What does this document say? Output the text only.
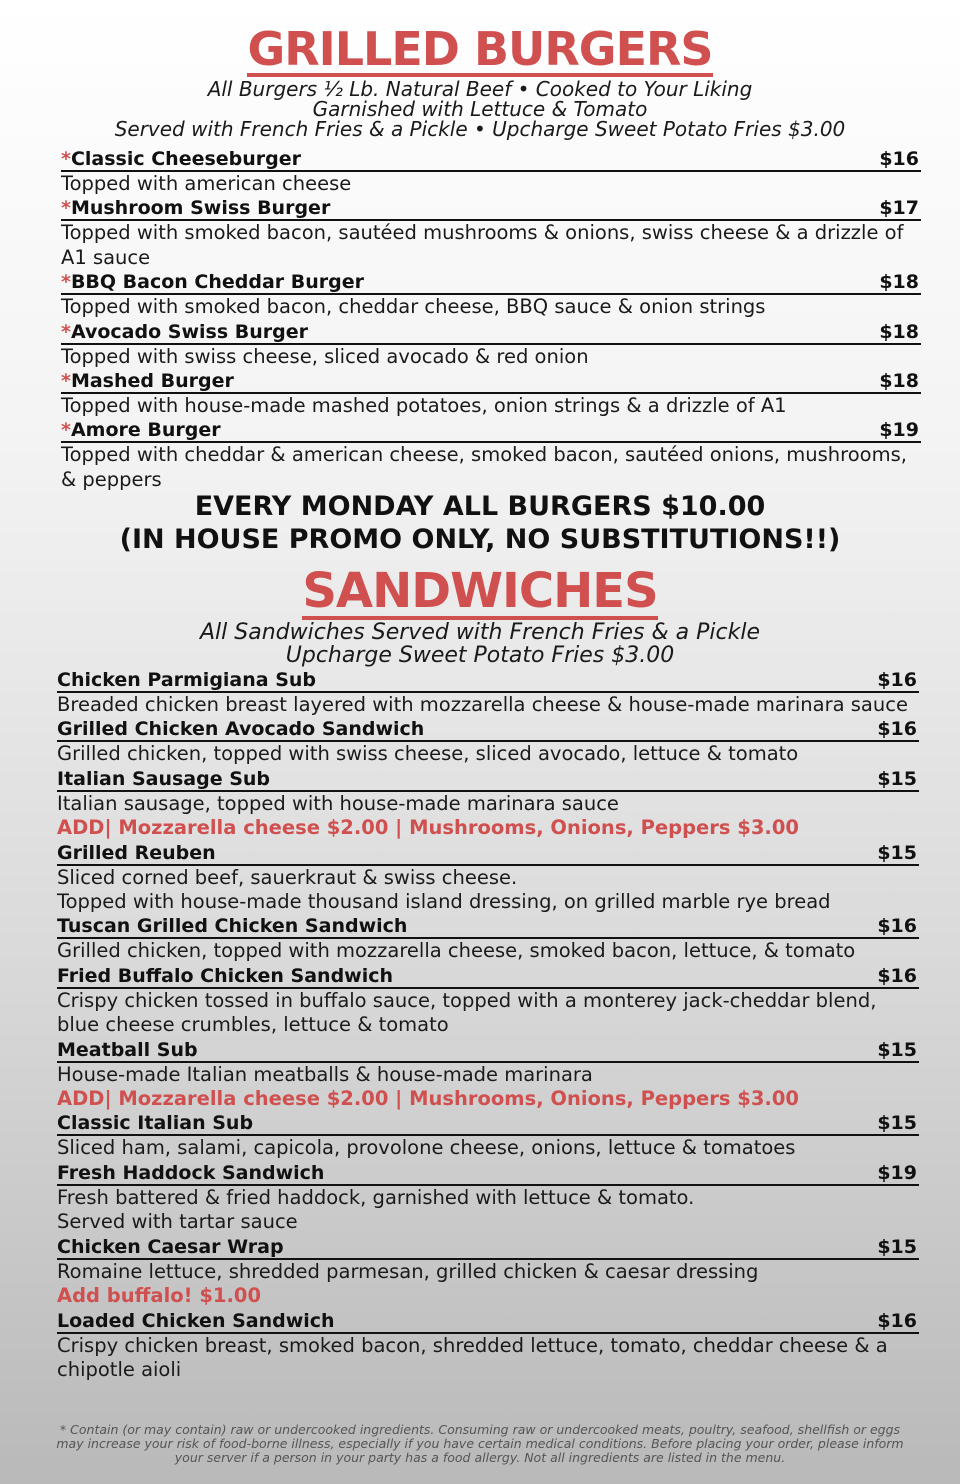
GRILLED BURGERS
All Burgers ½ Lb. Natural Beef • Cooked to Your Liking
Garnished with Lettuce & Tomato
Served with French Fries & a Pickle • Upcharge Sweet Potato Fries $3.00
*Classic Cheeseburger	$16
Topped with american cheese
*Mushroom Swiss Burger	$17
Topped with smoked bacon, sautéed mushrooms & onions, swiss cheese & a drizzle of
A1 sauce
*BBQ Bacon Cheddar Burger	$18
Topped with smoked bacon, cheddar cheese, BBQ sauce & onion strings
*Avocado Swiss Burger	$18
Topped with swiss cheese, sliced avocado & red onion
*Mashed Burger	$18
Topped with house-made mashed potatoes, onion strings & a drizzle of A1
*Amore Burger	$19
Topped with cheddar & american cheese, smoked bacon, sautéed onions, mushrooms,
& peppers
EVERY MONDAY ALL BURGERS $10.00
(IN HOUSE PROMO ONLY, NO SUBSTITUTIONS!!)
SANDWICHES
All Sandwiches Served with French Fries & a Pickle
Upcharge Sweet Potato Fries $3.00
Chicken Parmigiana Sub	$16
Breaded chicken breast layered with mozzarella cheese & house-made marinara sauce
Grilled Chicken Avocado Sandwich	$16
Grilled chicken, topped with swiss cheese, sliced avocado, lettuce & tomato
Italian Sausage Sub	$15
Italian sausage, topped with house-made marinara sauce
ADD| Mozzarella cheese $2.00 | Mushrooms, Onions, Peppers $3.00
Grilled Reuben	$15
Sliced corned beef, sauerkraut & swiss cheese.
Topped with house-made thousand island dressing, on grilled marble rye bread
Tuscan Grilled Chicken Sandwich	$16
Grilled chicken, topped with mozzarella cheese, smoked bacon, lettuce, & tomato
Fried Buffalo Chicken Sandwich	$16
Crispy chicken tossed in buffalo sauce, topped with a monterey jack-cheddar blend,
blue cheese crumbles, lettuce & tomato
Meatball Sub	$15
House-made Italian meatballs & house-made marinara
ADD| Mozzarella cheese $2.00 | Mushrooms, Onions, Peppers $3.00
Classic Italian Sub	$15
Sliced ham, salami, capicola, provolone cheese, onions, lettuce & tomatoes
Fresh Haddock Sandwich	$19
Fresh battered & fried haddock, garnished with lettuce & tomato.
Served with tartar sauce
Chicken Caesar Wrap	$15
Romaine lettuce, shredded parmesan, grilled chicken & caesar dressing
Add buffalo! $1.00
Loaded Chicken Sandwich	$16
Crispy chicken breast, smoked bacon, shredded lettuce, tomato, cheddar cheese & a
chipotle aioli
* Contain (or may contain) raw or undercooked ingredients. Consuming raw or undercooked meats, poultry, seafood, shellfish or eggs
may increase your risk of food-borne illness, especially if you have certain medical conditions. Before placing your order, please inform
your server if a person in your party has a food allergy. Not all ingredients are listed in the menu.
